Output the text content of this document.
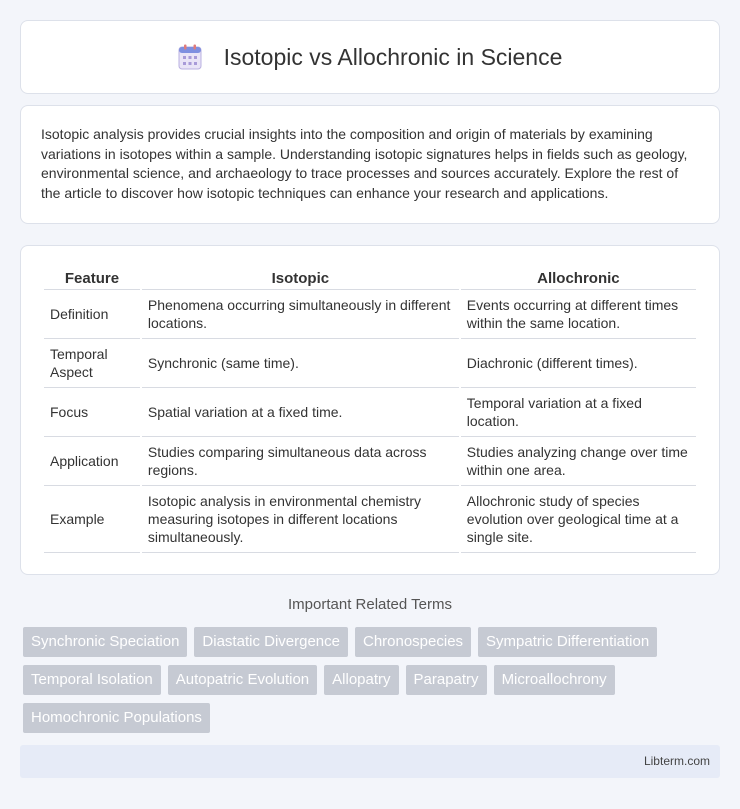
Isotopic vs Allochronic in Science

Isotopic analysis provides crucial insights into the composition and origin of materials by examining variations in isotopes within a sample. Understanding isotopic signatures helps in fields such as geology, environmental science, and archaeology to trace processes and sources accurately. Explore the rest of the article to discover how isotopic techniques can enhance your research and applications.

Feature	Isotopic	Allochronic
Definition	Phenomena occurring simultaneously in different locations.	Events occurring at different times within the same location.
Temporal Aspect	Synchronic (same time).	Diachronic (different times).
Focus	Spatial variation at a fixed time.	Temporal variation at a fixed location.
Application	Studies comparing simultaneous data across regions.	Studies analyzing change over time within one area.
Example	Isotopic analysis in environmental chemistry measuring isotopes in different locations simultaneously.	Allochronic study of species evolution over geological time at a single site.
Important Related Terms
Synchronic Speciation	Diastatic Divergence	Chronospecies	Sympatric Differentiation
Temporal Isolation	Autopatric Evolution	Allopatry	Parapatry	Microallochrony
Homochronic Populations
Libterm.com
